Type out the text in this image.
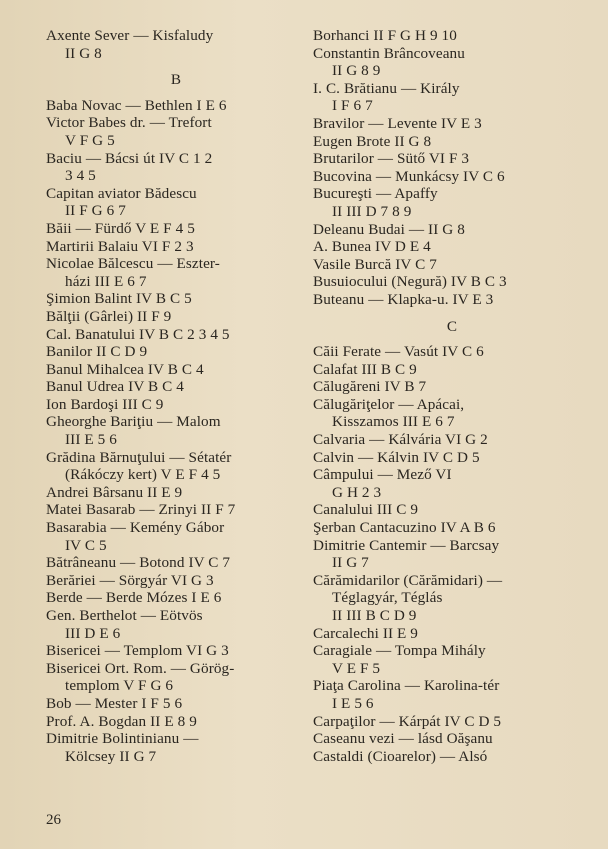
Axente Sever — Kisfaludy
II G 8
B
Baba Novac — Bethlen I E 6
Victor Babes dr. — Trefort
V F G 5
Baciu — Bácsi út IV C 1 2
3 4 5
Capitan aviator Bădescu
II F G 6 7
Băii — Fürdő V E F 4 5
Martirii Balaiu VI F 2 3
Nicolae Bălcescu — Eszter-
házi III E 6 7
Şimion Balint IV B C 5
Bălţii (Gârlei) II F 9
Cal. Banatului IV B C 2 3 4 5
Banilor II C D 9
Banul Mihalcea IV B C 4
Banul Udrea IV B C 4
Ion Bardoşi III C 9
Gheorghe Bariţiu — Malom
III E 5 6
Grădina Bărnuţului — Sétatér
(Rákóczy kert) V E F 4 5
Andrei Bârsanu II E 9
Matei Basarab — Zrinyi II F 7
Basarabia — Kemény Gábor
IV C 5
Bătrâneanu — Botond IV C 7
Berăriei — Sörgyár VI G 3
Berde — Berde Mózes I E 6
Gen. Berthelot — Eötvös
III D E 6
Bisericei — Templom VI G 3
Bisericei Ort. Rom. — Görög-
templom V F G 6
Bob — Mester I F 5 6
Prof. A. Bogdan II E 8 9
Dimitrie Bolintinianu —
Kölcsey II G 7
Borhanci II F G H 9 10
Constantin Brâncoveanu
II G 8 9
I. C. Brătianu — Király
I F 6 7
Bravilor — Levente IV E 3
Eugen Brote II G 8
Brutarilor — Sütő VI F 3
Bucovina — Munkácsy IV C 6
Bucureşti — Apaffy
II III D 7 8 9
Deleanu Budai — II G 8
A. Bunea IV D E 4
Vasile Burcă IV C 7
Busuiocului (Negură) IV B C 3
Buteanu — Klapka-u. IV E 3
C
Căii Ferate — Vasút IV C 6
Calafat III B C 9
Călugăreni IV B 7
Călugăriţelor — Apácai,
Kisszamos III E 6 7
Calvaria — Kálvária VI G 2
Calvin — Kálvin IV C D 5
Câmpului — Mező VI
G H 2 3
Canalului III C 9
Şerban Cantacuzino IV A B 6
Dimitrie Cantemir — Barcsay
II G 7
Cărămidarilor (Cărămidari) —
Téglagyár, Téglás
II III B C D 9
Carcalechi II E 9
Caragiale — Tompa Mihály
V E F 5
Piaţa Carolina — Karolina-tér
I E 5 6
Carpaţilor — Kárpát IV C D 5
Caseanu vezi — lásd Oăşanu
Castaldi (Cioarelor) — Alsó
26
